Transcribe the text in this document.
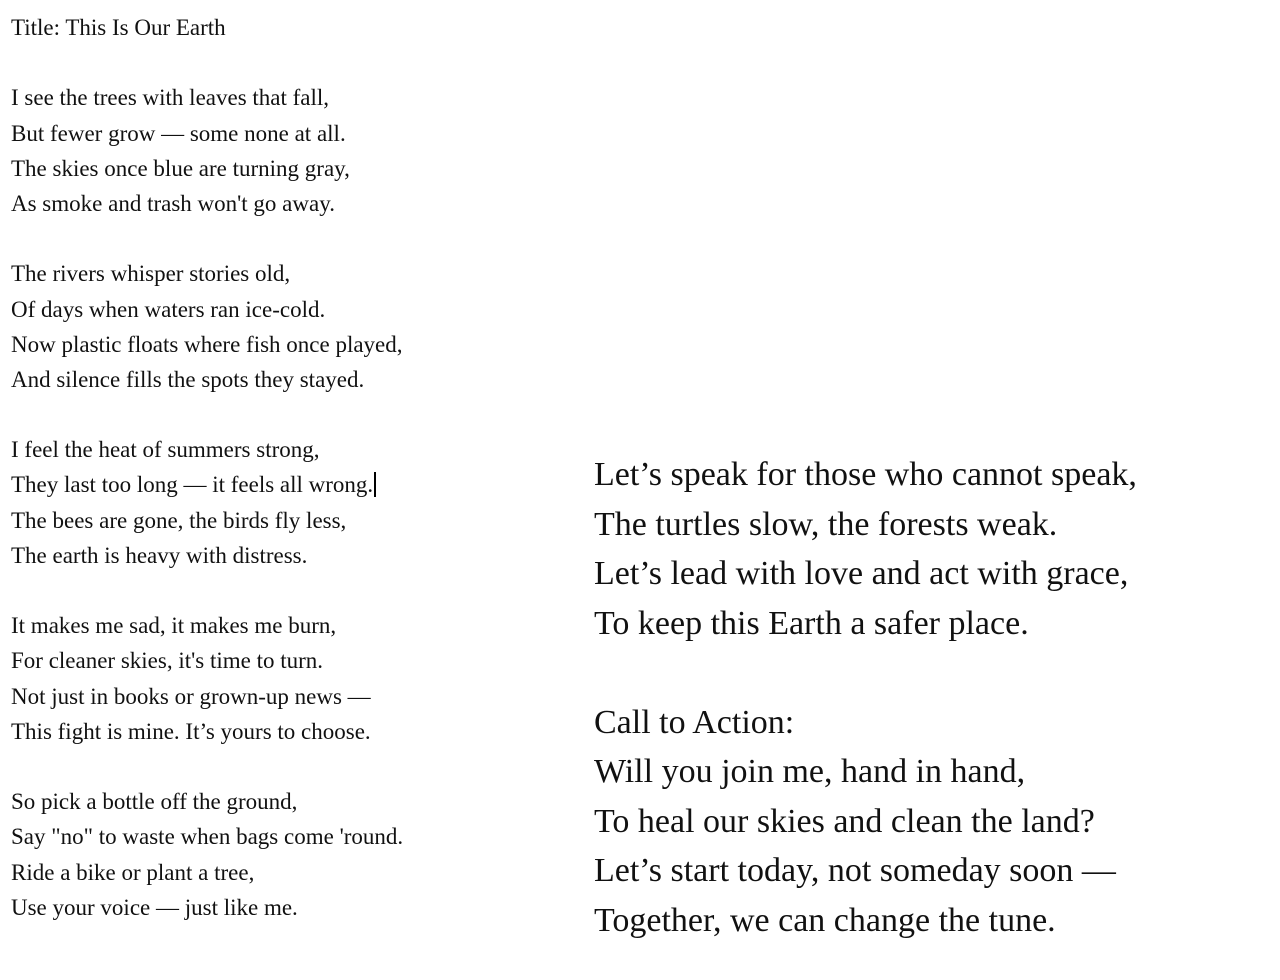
Title: This Is Our Earth
I see the trees with leaves that fall,
But fewer grow — some none at all.
The skies once blue are turning gray,
As smoke and trash won't go away.
The rivers whisper stories old,
Of days when waters ran ice-cold.
Now plastic floats where fish once played,
And silence fills the spots they stayed.
I feel the heat of summers strong,
They last too long — it feels all wrong.
The bees are gone, the birds fly less,
The earth is heavy with distress.
It makes me sad, it makes me burn,
For cleaner skies, it's time to turn.
Not just in books or grown-up news —
This fight is mine. It’s yours to choose.
So pick a bottle off the ground,
Say "no" to waste when bags come 'round.
Ride a bike or plant a tree,
Use your voice — just like me.
Let’s speak for those who cannot speak,
The turtles slow, the forests weak.
Let’s lead with love and act with grace,
To keep this Earth a safer place.
Call to Action:
Will you join me, hand in hand,
To heal our skies and clean the land?
Let’s start today, not someday soon —
Together, we can change the tune.
